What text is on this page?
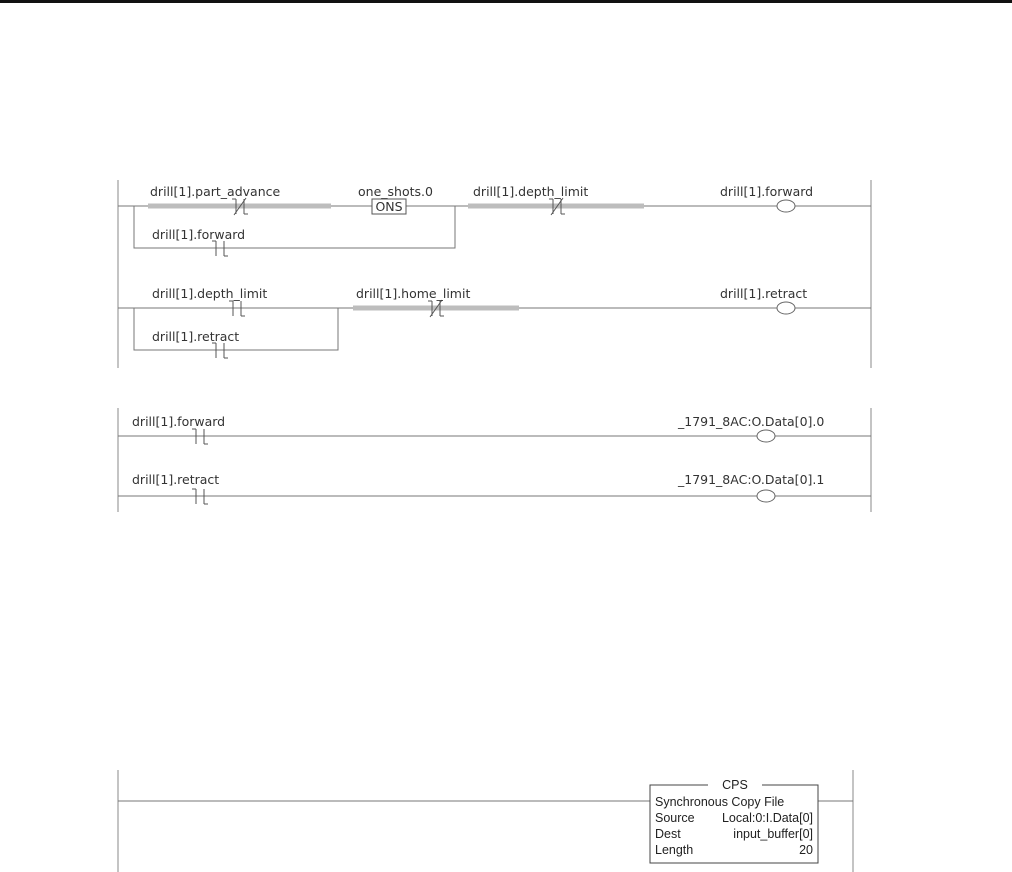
drill[1].part_advance
ONS
one_shots.0	drill[1].depth_limit
drill[1].forward
drill[1].forward
drill[1].depth_limit	drill[1].home_limit
drill[1].retract
drill[1].retract
drill[1].forward	_1791_8AC:O.Data[0].0
drill[1].retract	_1791_8AC:O.Data[0].1
CPS
Synchronous Copy File
Source Local:0:I.Data[0]
Dest	input_buffer[0]
Length	20
